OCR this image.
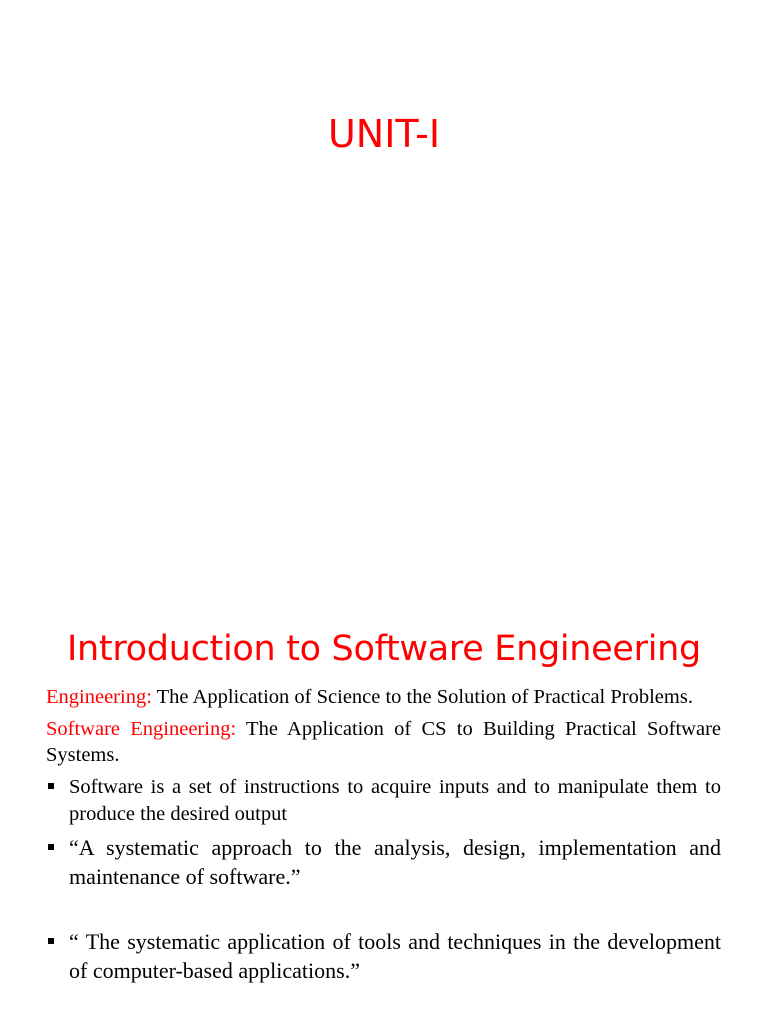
UNIT-I
Introduction to Software Engineering

Engineering: The Application of Science to the Solution of Practical Problems.

Software Engineering: The Application of CS to Building Practical Software Systems.

Software is a set of instructions to acquire inputs and to manipulate them to produce the desired output
“A systematic approach to the analysis, design, implementation and maintenance of software.”
“ The systematic application of tools and techniques in the development of computer-based applications.”
